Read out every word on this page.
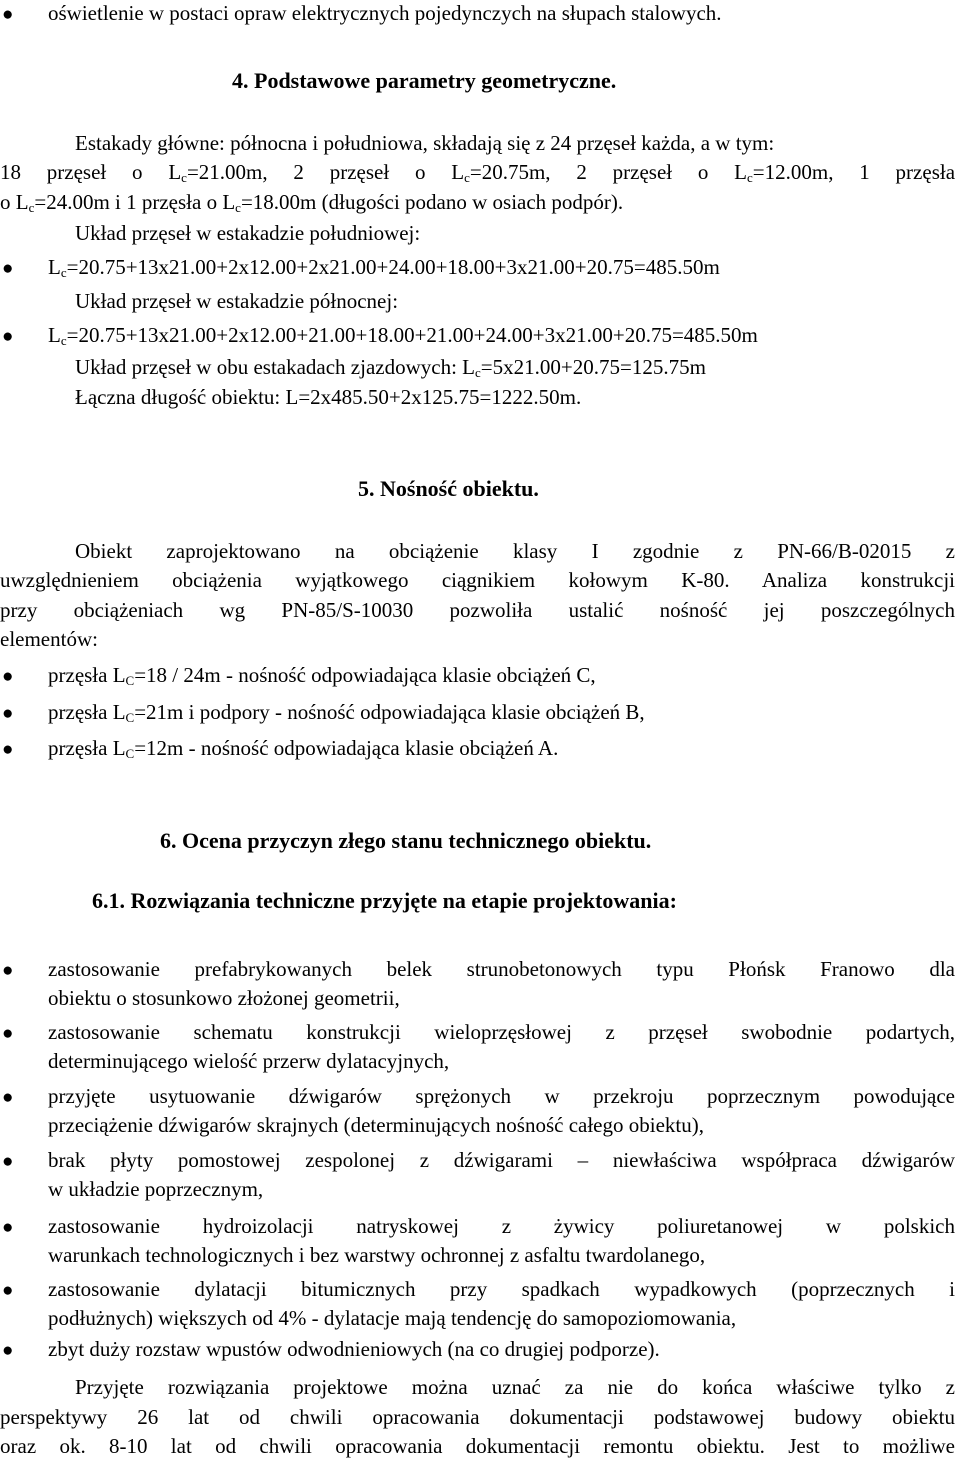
● oświetlenie w postaci opraw elektrycznych pojedynczych na słupach stalowych.
4. Podstawowe parametry geometryczne.
Estakady główne: północna i południowa, składają się z 24 przęseł każda, a w tym:
18 przęseł o $L_c=21.00m$, 2 przęseł o $L_c=20.75m$, 2 przęseł o $L_c=12.00m$, 1 przęsła
o $L_c=24.00m$ i 1 przęsła o $L_c=18.00m$ (długości podano w osiach podpór).
Układ przęseł w estakadzie południowej:
● $L_c=20.75+13x21.00+2x12.00+2x21.00+24.00+18.00+3x21.00+20.75=485.50m$
Układ przęseł w estakadzie północnej:
● $L_c=20.75+13x21.00+2x12.00+21.00+18.00+21.00+24.00+3x21.00+20.75=485.50m$
Układ przęseł w obu estakadach zjazdowych: $L_c=5x21.00+20.75=125.75m$
Łączna długość obiektu: L=2x485.50+2x125.75=1222.50m.
5. Nośność obiektu.
Obiekt zaprojektowano na obciążenie klasy I zgodnie z PN-66/B-02015 z
uwzględnieniem obciążenia wyjątkowego ciągnikiem kołowym K-80. Analiza konstrukcji
przy obciążeniach wg PN-85/S-10030 pozwoliła ustalić nośność jej poszczególnych
elementów:
● przęsła $L_C=18 / 24m$ - nośność odpowiadająca klasie obciążeń C,
● przęsła $L_C=21m$ i podpory - nośność odpowiadająca klasie obciążeń B,
● przęsła $L_C=12m$ - nośność odpowiadająca klasie obciążeń A.
6. Ocena przyczyn złego stanu technicznego obiektu.
6.1. Rozwiązania techniczne przyjęte na etapie projektowania:
● zastosowanie prefabrykowanych belek strunobetonowych typu Płońsk Franowo dla
obiektu o stosunkowo złożonej geometrii,
● zastosowanie schematu konstrukcji wieloprzęsłowej z przęseł swobodnie podartych,
determinującego wielość przerw dylatacyjnych,
● przyjęte usytuowanie dźwigarów sprężonych w przekroju poprzecznym powodujące
przeciążenie dźwigarów skrajnych (determinujących nośność całego obiektu),
● brak płyty pomostowej zespolonej z dźwigarami – niewłaściwa współpraca dźwigarów
w układzie poprzecznym,
● zastosowanie hydroizolacji natryskowej z żywicy poliuretanowej w polskich
warunkach technologicznych i bez warstwy ochronnej z asfaltu twardolanego,
● zastosowanie dylatacji bitumicznych przy spadkach wypadkowych (poprzecznych i
podłużnych) większych od 4% - dylatacje mają tendencję do samopoziomowania,
● zbyt duży rozstaw wpustów odwodnieniowych (na co drugiej podporze).
Przyjęte rozwiązania projektowe można uznać za nie do końca właściwe tylko z
perspektywy 26 lat od chwili opracowania dokumentacji podstawowej budowy obiektu
oraz ok. 8-10 lat od chwili opracowania dokumentacji remontu obiektu. Jest to możliwe
